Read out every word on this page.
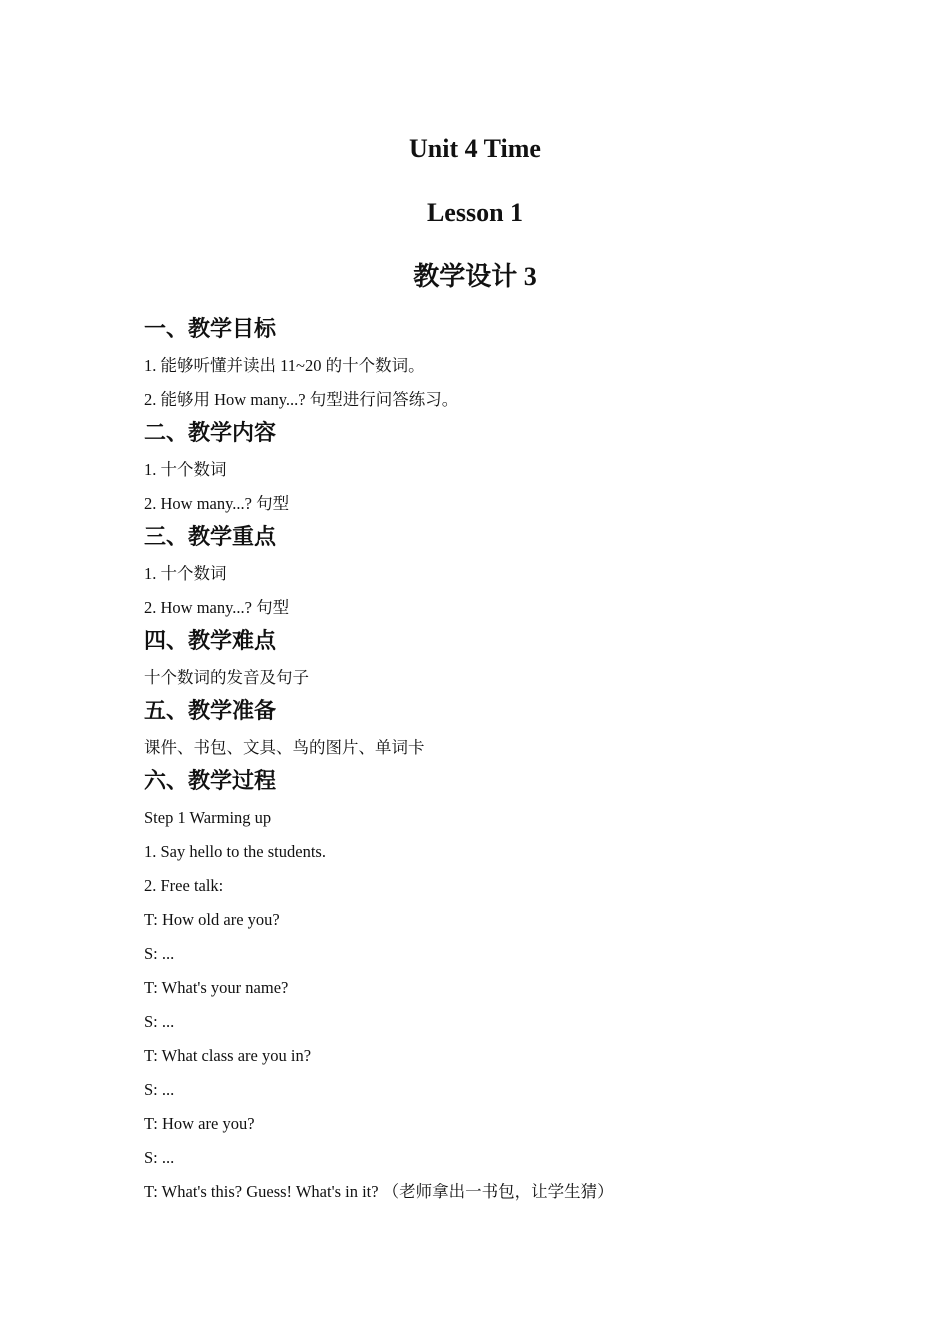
Unit 4 Time
Lesson 1
教学设计 3
一、教学目标
1. 能够听懂并读出 11~20 的十个数词。
2. 能够用 How many...? 句型进行问答练习。
二、教学内容
1. 十个数词
2. How many...? 句型
三、教学重点
1. 十个数词
2. How many...? 句型
四、教学难点
十个数词的发音及句子
五、教学准备
课件、书包、文具、鸟的图片、单词卡
六、教学过程
Step 1 Warming up
1. Say hello to the students.
2. Free talk:
T: How old are you?
S: ...
T: What's your name?
S: ...
T: What class are you in?
S: ...
T: How are you?
S: ...
T: What's this? Guess! What's in it? （老师拿出一书包，让学生猜）
